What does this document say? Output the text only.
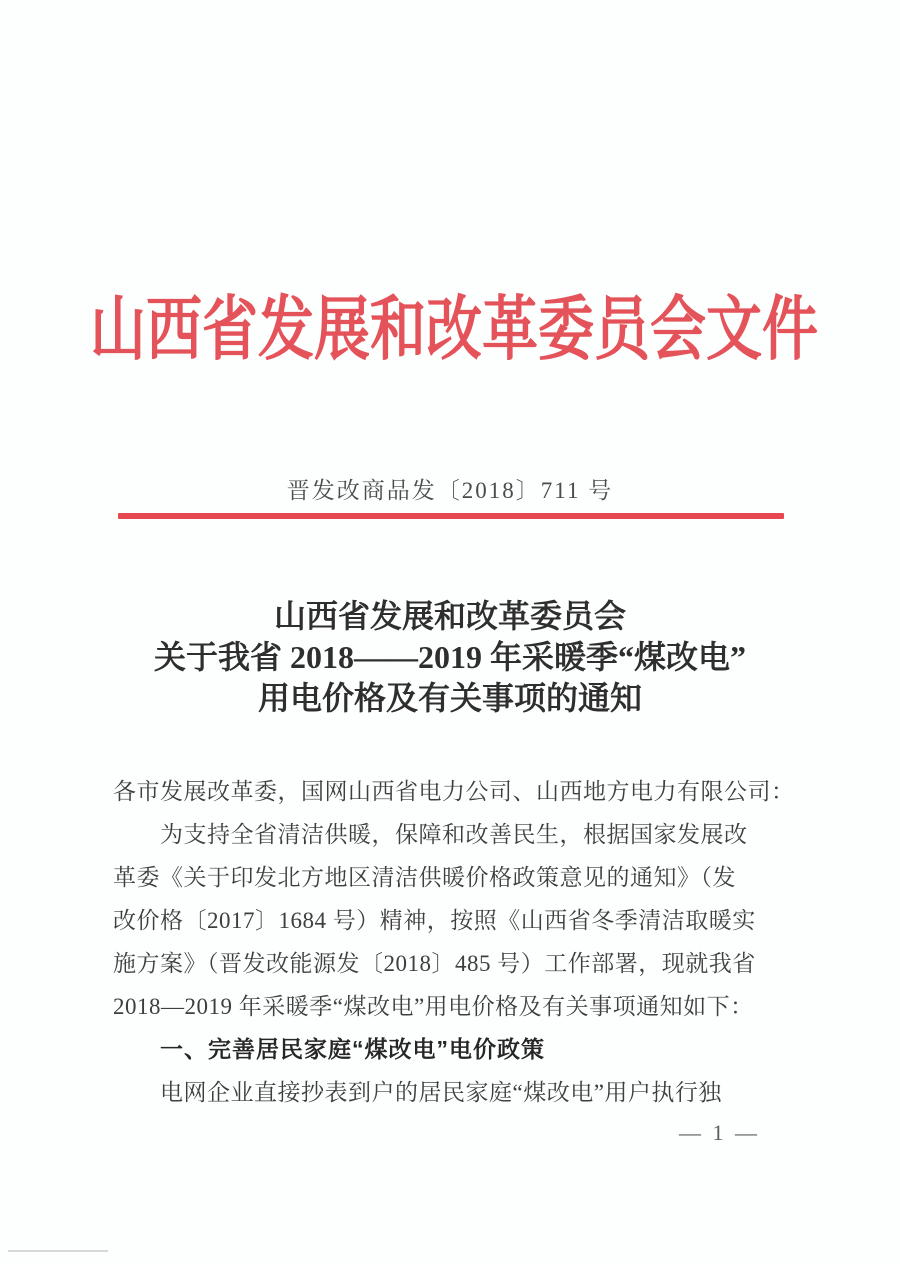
山西省发展和改革委员会文件
晋发改商品发〔2018〕711 号
山西省发展和改革委员会
关于我省 2018——2019 年采暖季“煤改电”
用电价格及有关事项的通知
各市发展改革委，国网山西省电力公司、山西地方电力有限公司：
为支持全省清洁供暖，保障和改善民生，根据国家发展改
革委《关于印发北方地区清洁供暖价格政策意见的通知》（发
改价格〔2017〕1684 号）精神，按照《山西省冬季清洁取暖实
施方案》（晋发改能源发〔2018〕485 号）工作部署，现就我省
2018—2019 年采暖季“煤改电”用电价格及有关事项通知如下：
一、完善居民家庭“煤改电”电价政策
电网企业直接抄表到户的居民家庭“煤改电”用户执行独
— 1 —
